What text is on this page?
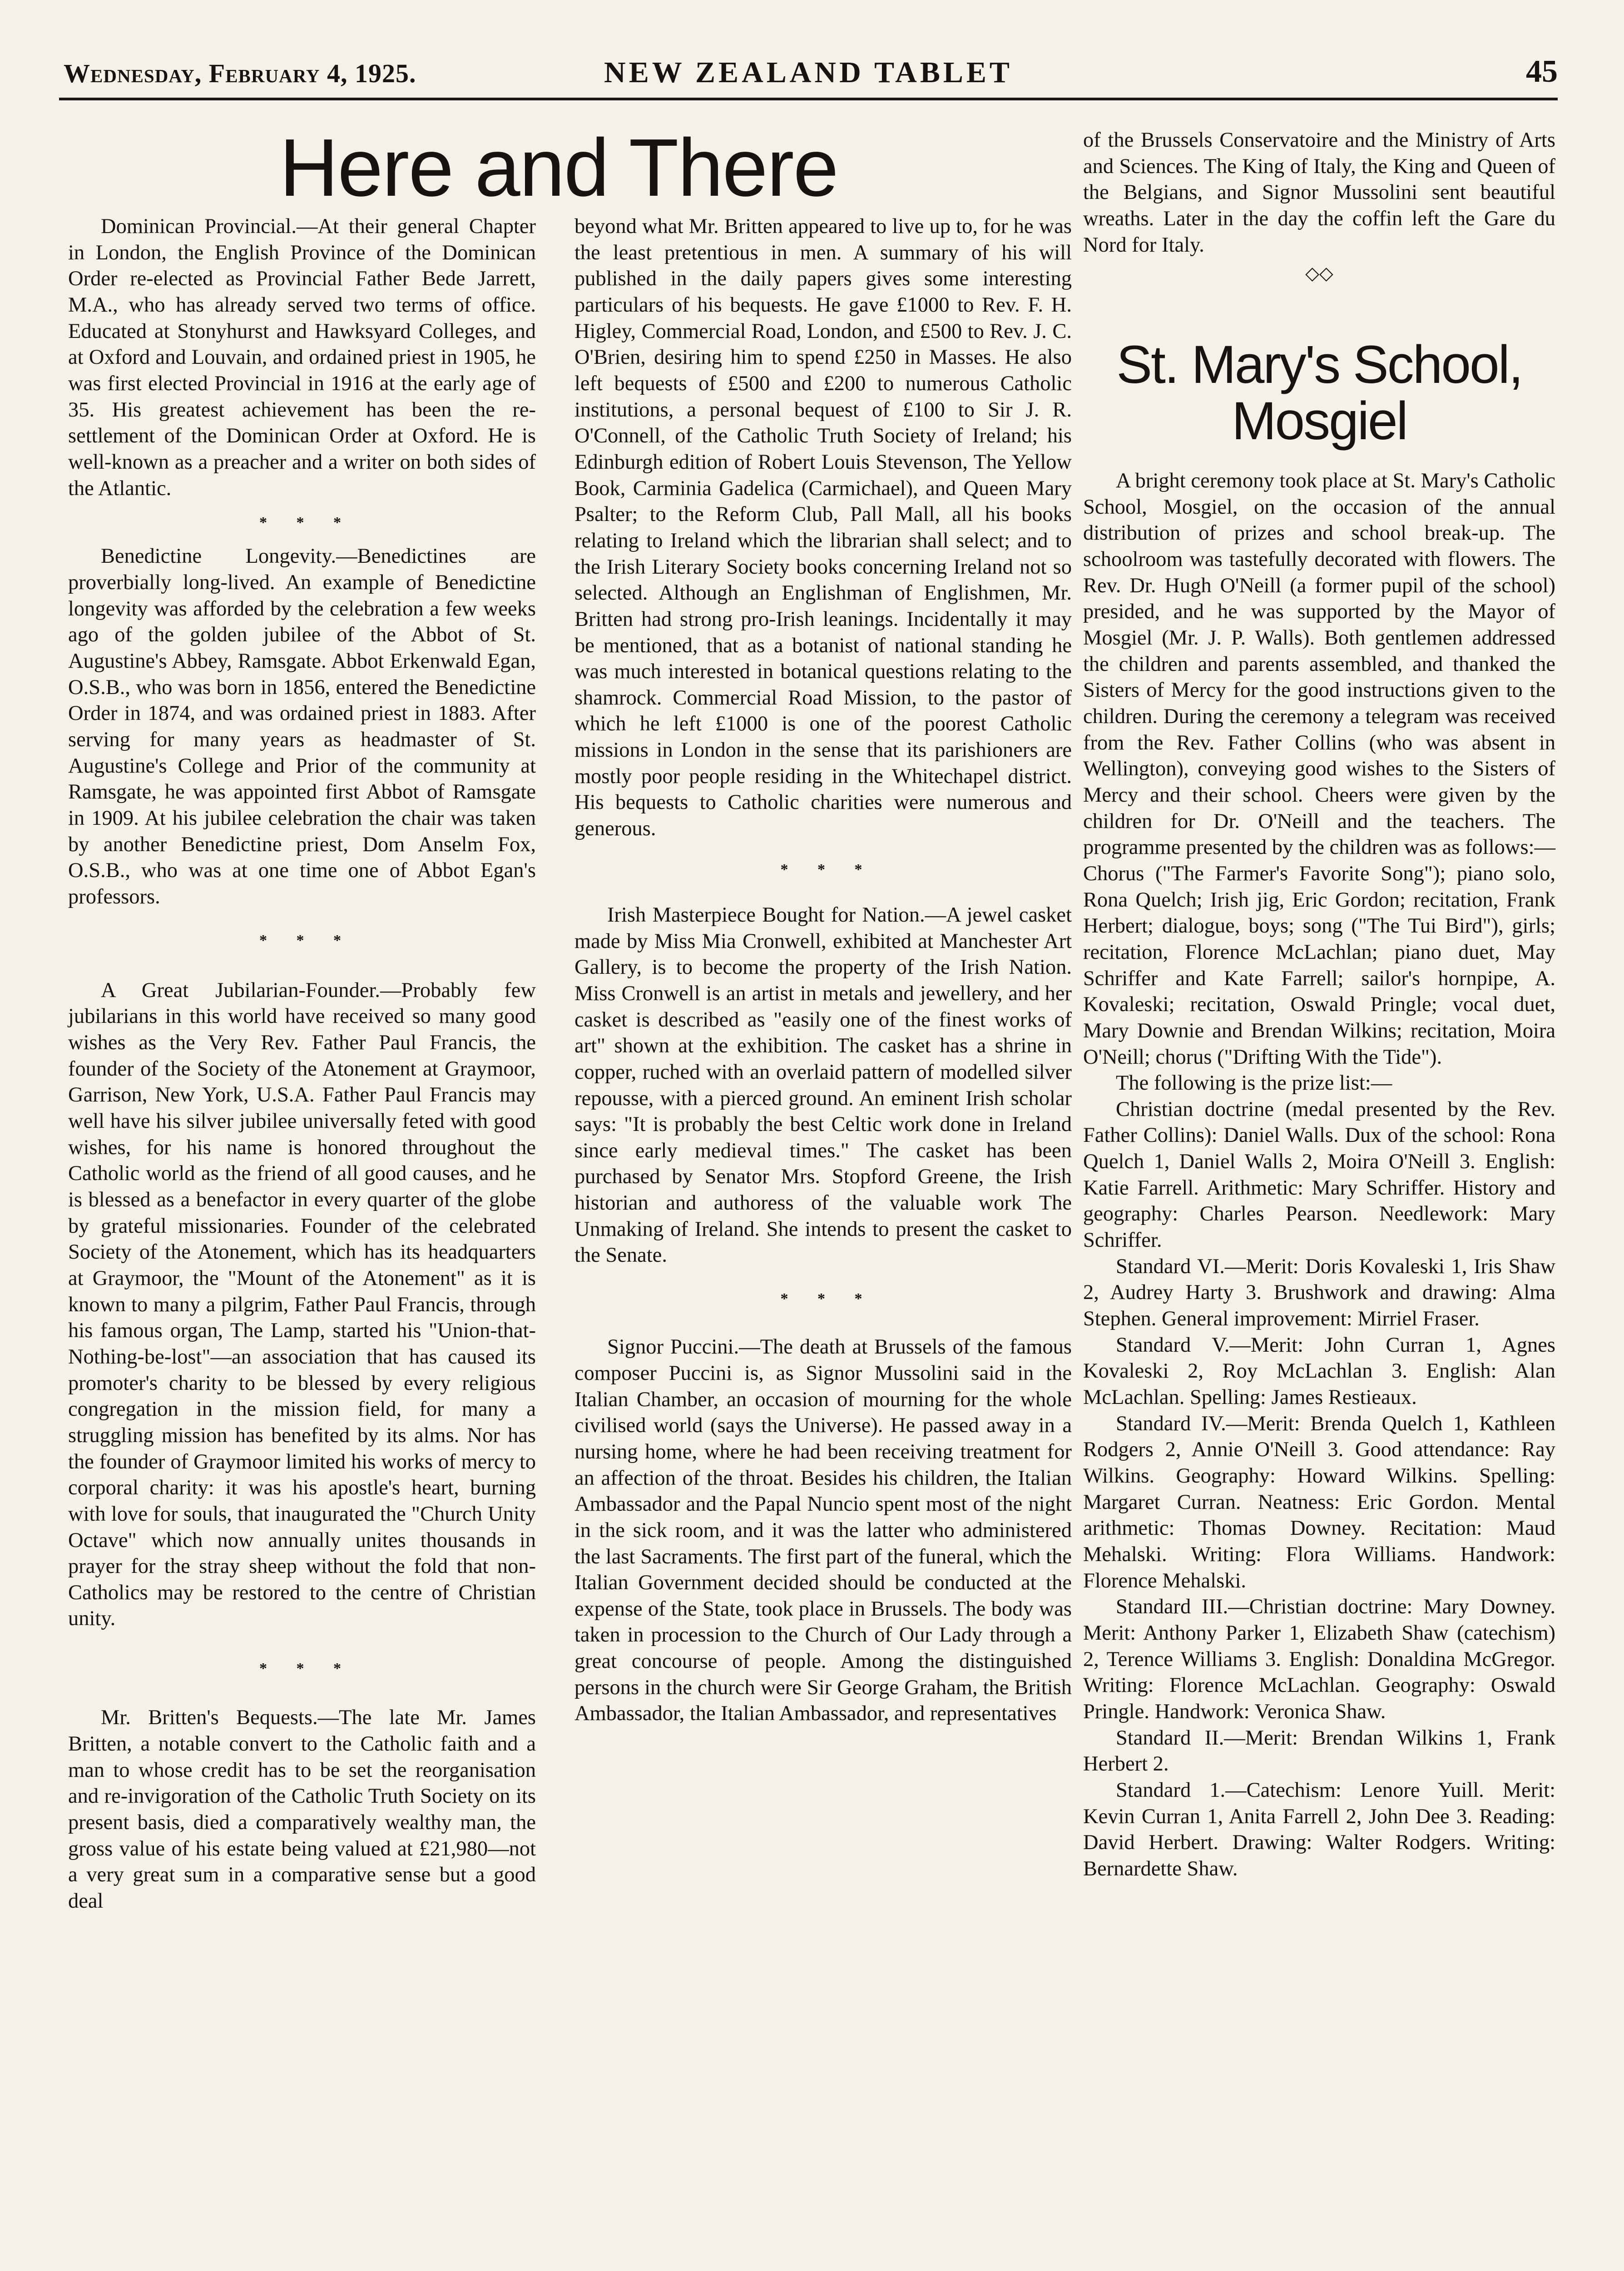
Wednesday, February 4, 1925.	NEW ZEALAND TABLET	45
Here and There

Dominican Provincial.—At their general Chapter in London, the English Province of the Dominican Order re-elected as Provincial Father Bede Jarrett, M.A., who has already served two terms of office. Educated at Stonyhurst and Hawksyard Colleges, and at Oxford and Louvain, and ordained priest in 1905, he was first elected Provincial in 1916 at the early age of 35. His greatest achievement has been the re-settlement of the Dominican Order at Oxford. He is well-known as a preacher and a writer on both sides of the Atlantic.

* * *

Benedictine Longevity.—Benedictines are proverbially long-lived. An example of Benedictine longevity was afforded by the celebration a few weeks ago of the golden jubilee of the Abbot of St. Augustine's Abbey, Ramsgate. Abbot Erkenwald Egan, O.S.B., who was born in 1856, entered the Benedictine Order in 1874, and was ordained priest in 1883. After serving for many years as headmaster of St. Augustine's College and Prior of the community at Ramsgate, he was appointed first Abbot of Ramsgate in 1909. At his jubilee celebration the chair was taken by another Benedictine priest, Dom Anselm Fox, O.S.B., who was at one time one of Abbot Egan's professors.

* * *

A Great Jubilarian-Founder.—Probably few jubilarians in this world have received so many good wishes as the Very Rev. Father Paul Francis, the founder of the Society of the Atonement at Graymoor, Garrison, New York, U.S.A. Father Paul Francis may well have his silver jubilee universally feted with good wishes, for his name is honored throughout the Catholic world as the friend of all good causes, and he is blessed as a benefactor in every quarter of the globe by grateful missionaries. Founder of the celebrated Society of the Atonement, which has its headquarters at Graymoor, the "Mount of the Atonement" as it is known to many a pilgrim, Father Paul Francis, through his famous organ, The Lamp, started his "Union-that-Nothing-be-lost"—an association that has caused its promoter's charity to be blessed by every religious congregation in the mission field, for many a struggling mission has benefited by its alms. Nor has the founder of Graymoor limited his works of mercy to corporal charity: it was his apostle's heart, burning with love for souls, that inaugurated the "Church Unity Octave" which now annually unites thousands in prayer for the stray sheep without the fold that non-Catholics may be restored to the centre of Christian unity.

* * *

Mr. Britten's Bequests.—The late Mr. James Britten, a notable convert to the Catholic faith and a man to whose credit has to be set the reorganisation and re-invigoration of the Catholic Truth Society on its present basis, died a comparatively wealthy man, the gross value of his estate being valued at £21,980—not a very great sum in a comparative sense but a good deal

beyond what Mr. Britten appeared to live up to, for he was the least pretentious in men. A summary of his will published in the daily papers gives some interesting particulars of his bequests. He gave £1000 to Rev. F. H. Higley, Commercial Road, London, and £500 to Rev. J. C. O'Brien, desiring him to spend £250 in Masses. He also left bequests of £500 and £200 to numerous Catholic institutions, a personal bequest of £100 to Sir J. R. O'Connell, of the Catholic Truth Society of Ireland; his Edinburgh edition of Robert Louis Stevenson, The Yellow Book, Carminia Gadelica (Carmichael), and Queen Mary Psalter; to the Reform Club, Pall Mall, all his books relating to Ireland which the librarian shall select; and to the Irish Literary Society books concerning Ireland not so selected. Although an Englishman of Englishmen, Mr. Britten had strong pro-Irish leanings. Incidentally it may be mentioned, that as a botanist of national standing he was much interested in botanical questions relating to the shamrock. Commercial Road Mission, to the pastor of which he left £1000 is one of the poorest Catholic missions in London in the sense that its parishioners are mostly poor people residing in the Whitechapel district. His bequests to Catholic charities were numerous and generous.

* * *

Irish Masterpiece Bought for Nation.—A jewel casket made by Miss Mia Cronwell, exhibited at Manchester Art Gallery, is to become the property of the Irish Nation. Miss Cronwell is an artist in metals and jewellery, and her casket is described as "easily one of the finest works of art" shown at the exhibition. The casket has a shrine in copper, ruched with an overlaid pattern of modelled silver repousse, with a pierced ground. An eminent Irish scholar says: "It is probably the best Celtic work done in Ireland since early medieval times." The casket has been purchased by Senator Mrs. Stopford Greene, the Irish historian and authoress of the valuable work The Unmaking of Ireland. She intends to present the casket to the Senate.

* * *

Signor Puccini.—The death at Brussels of the famous composer Puccini is, as Signor Mussolini said in the Italian Chamber, an occasion of mourning for the whole civilised world (says the Universe). He passed away in a nursing home, where he had been receiving treatment for an affection of the throat. Besides his children, the Italian Ambassador and the Papal Nuncio spent most of the night in the sick room, and it was the latter who administered the last Sacraments. The first part of the funeral, which the Italian Government decided should be conducted at the expense of the State, took place in Brussels. The body was taken in procession to the Church of Our Lady through a great concourse of people. Among the distinguished persons in the church were Sir George Graham, the British Ambassador, the Italian Ambassador, and representatives

of the Brussels Conservatoire and the Ministry of Arts and Sciences. The King of Italy, the King and Queen of the Belgians, and Signor Mussolini sent beautiful wreaths. Later in the day the coffin left the Gare du Nord for Italy.

◇◇
St. Mary's School, Mosgiel

A bright ceremony took place at St. Mary's Catholic School, Mosgiel, on the occasion of the annual distribution of prizes and school break-up. The schoolroom was tastefully decorated with flowers. The Rev. Dr. Hugh O'Neill (a former pupil of the school) presided, and he was supported by the Mayor of Mosgiel (Mr. J. P. Walls). Both gentlemen addressed the children and parents assembled, and thanked the Sisters of Mercy for the good instructions given to the children. During the ceremony a telegram was received from the Rev. Father Collins (who was absent in Wellington), conveying good wishes to the Sisters of Mercy and their school. Cheers were given by the children for Dr. O'Neill and the teachers. The programme presented by the children was as follows:—Chorus ("The Farmer's Favorite Song"); piano solo, Rona Quelch; Irish jig, Eric Gordon; recitation, Frank Herbert; dialogue, boys; song ("The Tui Bird"), girls; recitation, Florence McLachlan; piano duet, May Schriffer and Kate Farrell; sailor's hornpipe, A. Kovaleski; recitation, Oswald Pringle; vocal duet, Mary Downie and Brendan Wilkins; recitation, Moira O'Neill; chorus ("Drifting With the Tide").

The following is the prize list:—

Christian doctrine (medal presented by the Rev. Father Collins): Daniel Walls. Dux of the school: Rona Quelch 1, Daniel Walls 2, Moira O'Neill 3. English: Katie Farrell. Arithmetic: Mary Schriffer. History and geography: Charles Pearson. Needlework: Mary Schriffer.

Standard VI.—Merit: Doris Kovaleski 1, Iris Shaw 2, Audrey Harty 3. Brushwork and drawing: Alma Stephen. General improvement: Mirriel Fraser.

Standard V.—Merit: John Curran 1, Agnes Kovaleski 2, Roy McLachlan 3. English: Alan McLachlan. Spelling: James Restieaux.

Standard IV.—Merit: Brenda Quelch 1, Kathleen Rodgers 2, Annie O'Neill 3. Good attendance: Ray Wilkins. Geography: Howard Wilkins. Spelling: Margaret Curran. Neatness: Eric Gordon. Mental arithmetic: Thomas Downey. Recitation: Maud Mehalski. Writing: Flora Williams. Handwork: Florence Mehalski.

Standard III.—Christian doctrine: Mary Downey. Merit: Anthony Parker 1, Elizabeth Shaw (catechism) 2, Terence Williams 3. English: Donaldina McGregor. Writing: Florence McLachlan. Geography: Oswald Pringle. Handwork: Veronica Shaw.

Standard II.—Merit: Brendan Wilkins 1, Frank Herbert 2.

Standard 1.—Catechism: Lenore Yuill. Merit: Kevin Curran 1, Anita Farrell 2, John Dee 3. Reading: David Herbert. Drawing: Walter Rodgers. Writing: Bernardette Shaw.
